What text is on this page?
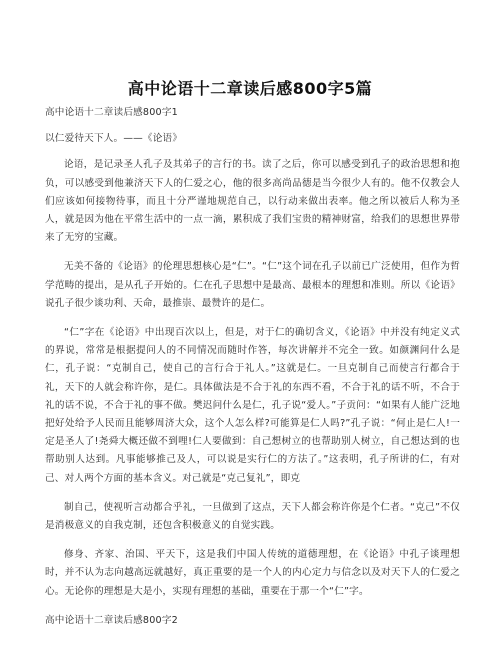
高中论语十二章读后感800字5篇

高中论语十二章读后感800字1

以仁爱待天下人。——《论语》

论语，是记录圣人孔子及其弟子的言行的书。读了之后，你可以感受到孔子的政治思想和抱负，可以感受到他兼济天下人的仁爱之心，他的很多高尚品德是当今很少人有的。他不仅教会人们应该如何接物待事，而且十分严谨地规范自己，以行动来做出表率。他之所以被后人称为圣人，就是因为他在平常生活中的一点一滴，累积成了我们宝贵的精神财富，给我们的思想世界带来了无穷的宝藏。

无美不备的《论语》的伦理思想核心是“仁”。“仁”这个词在孔子以前已广泛使用，但作为哲学范畴的提出，是从孔子开始的。仁在孔子思想中是最高、最根本的理想和准则。所以《论语》说孔子很少谈功利、天命，最推崇、最赞许的是仁。

“仁”字在《论语》中出现百次以上，但是，对于仁的确切含义，《论语》中并没有纯定义式的界说，常常是根据提问人的不同情况而随时作答，每次讲解并不完全一致。如颜渊问什么是仁，孔子说：“克制自己，使自己的言行合于礼人。”这就是仁。一旦克制自己而使言行都合于礼，天下的人就会称许你，是仁。具体做法是不合于礼的东西不看，不合于礼的话不听，不合于礼的话不说，不合于礼的事不做。樊迟问什么是仁，孔子说“爱人。”子贡问：“如果有人能广泛地把好处给予人民而且能够周济大众，这个人怎么样?可能算是仁人吗?”孔子说：“何止是仁人!一定是圣人了!尧舜大概还做不到哩!仁人要做到：自己想树立的也帮助别人树立，自己想达到的也帮助别人达到。凡事能够推己及人，可以说是实行仁的方法了。”这表明，孔子所讲的仁，有对己、对人两个方面的基本含义。对己就是“克己复礼”，即克

制自己，使视听言动都合乎礼，一旦做到了这点，天下人都会称许你是个仁者。“克己”不仅是消极意义的自我克制，还包含积极意义的自觉实践。

修身、齐家、治国、平天下，这是我们中国人传统的道德理想，在《论语》中孔子谈理想时，并不认为志向越高远就越好，真正重要的是一个人的内心定力与信念以及对天下人的仁爱之心。无论你的理想是大是小，实现有理想的基础，重要在于那一个“仁”字。

高中论语十二章读后感800字2
